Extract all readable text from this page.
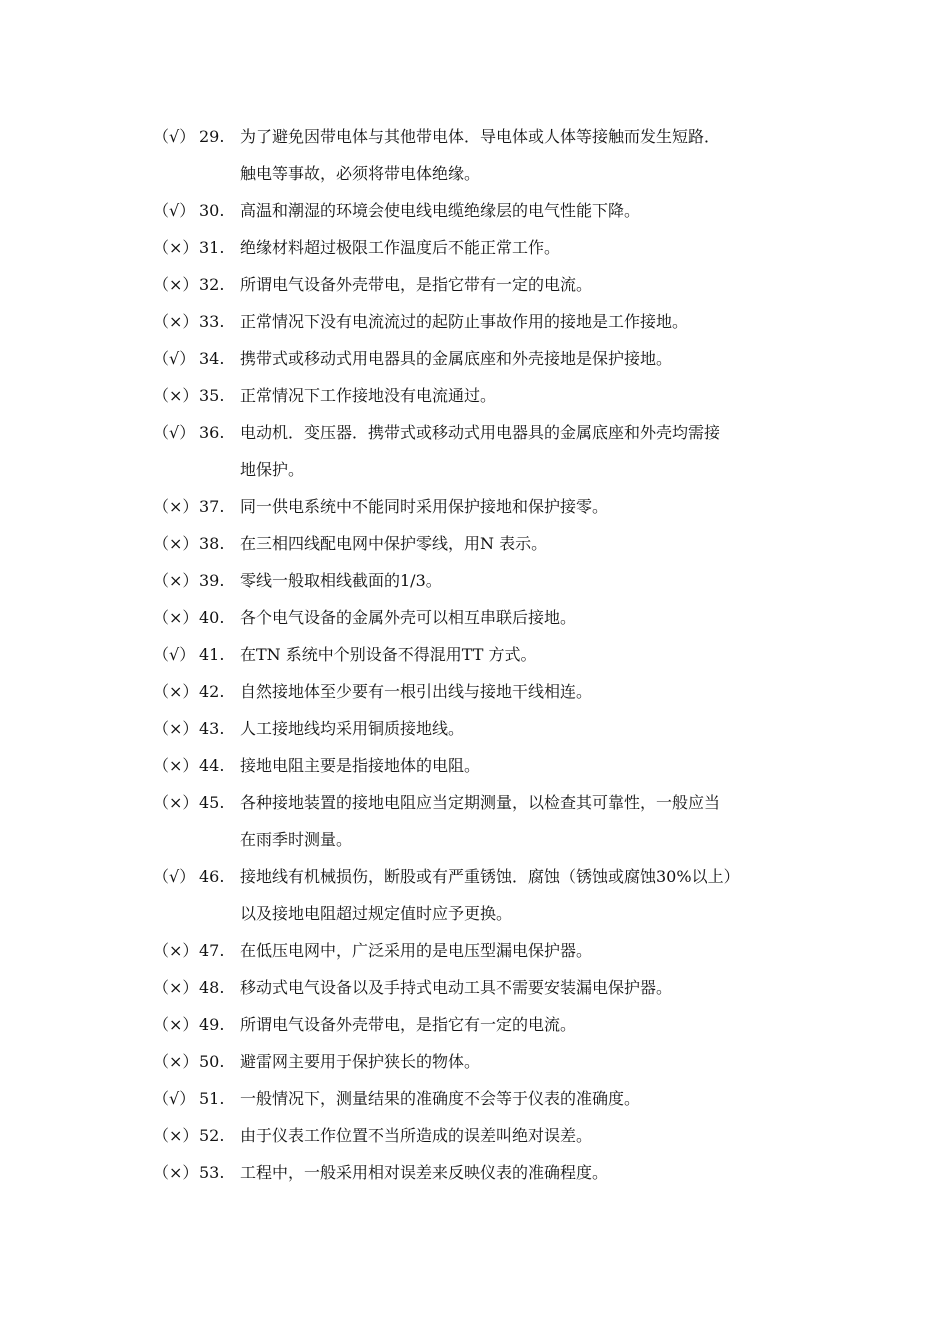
（√） 29. 为了避免因带电体与其他带电体．导电体或人体等接触而发生短路．
触电等事故，必须将带电体绝缘。
（√） 30. 高温和潮湿的环境会使电线电缆绝缘层的电气性能下降。
（×） 31. 绝缘材料超过极限工作温度后不能正常工作。
（×） 32. 所谓电气设备外壳带电，是指它带有一定的电流。
（×） 33. 正常情况下没有电流流过的起防止事故作用的接地是工作接地。
（√） 34. 携带式或移动式用电器具的金属底座和外壳接地是保护接地。
（×） 35. 正常情况下工作接地没有电流通过。
（√） 36. 电动机．变压器．携带式或移动式用电器具的金属底座和外壳均需接
地保护。
（×） 37. 同一供电系统中不能同时采用保护接地和保护接零。
（×） 38. 在三相四线配电网中保护零线，用N 表示。
（×） 39. 零线一般取相线截面的1/3。
（×） 40. 各个电气设备的金属外壳可以相互串联后接地。
（√） 41. 在TN 系统中个别设备不得混用TT 方式。
（×） 42. 自然接地体至少要有一根引出线与接地干线相连。
（×） 43. 人工接地线均采用铜质接地线。
（×） 44. 接地电阻主要是指接地体的电阻。
（×） 45. 各种接地装置的接地电阻应当定期测量，以检查其可靠性，一般应当
在雨季时测量。
（√） 46. 接地线有机械损伤，断股或有严重锈蚀．腐蚀（锈蚀或腐蚀30%以上）
以及接地电阻超过规定值时应予更换。
（×） 47. 在低压电网中，广泛采用的是电压型漏电保护器。
（×） 48. 移动式电气设备以及手持式电动工具不需要安装漏电保护器。
（×） 49. 所谓电气设备外壳带电，是指它有一定的电流。
（×） 50. 避雷网主要用于保护狭长的物体。
（√） 51. 一般情况下，测量结果的准确度不会等于仪表的准确度。
（×） 52. 由于仪表工作位置不当所造成的误差叫绝对误差。
（×） 53. 工程中，一般采用相对误差来反映仪表的准确程度。
